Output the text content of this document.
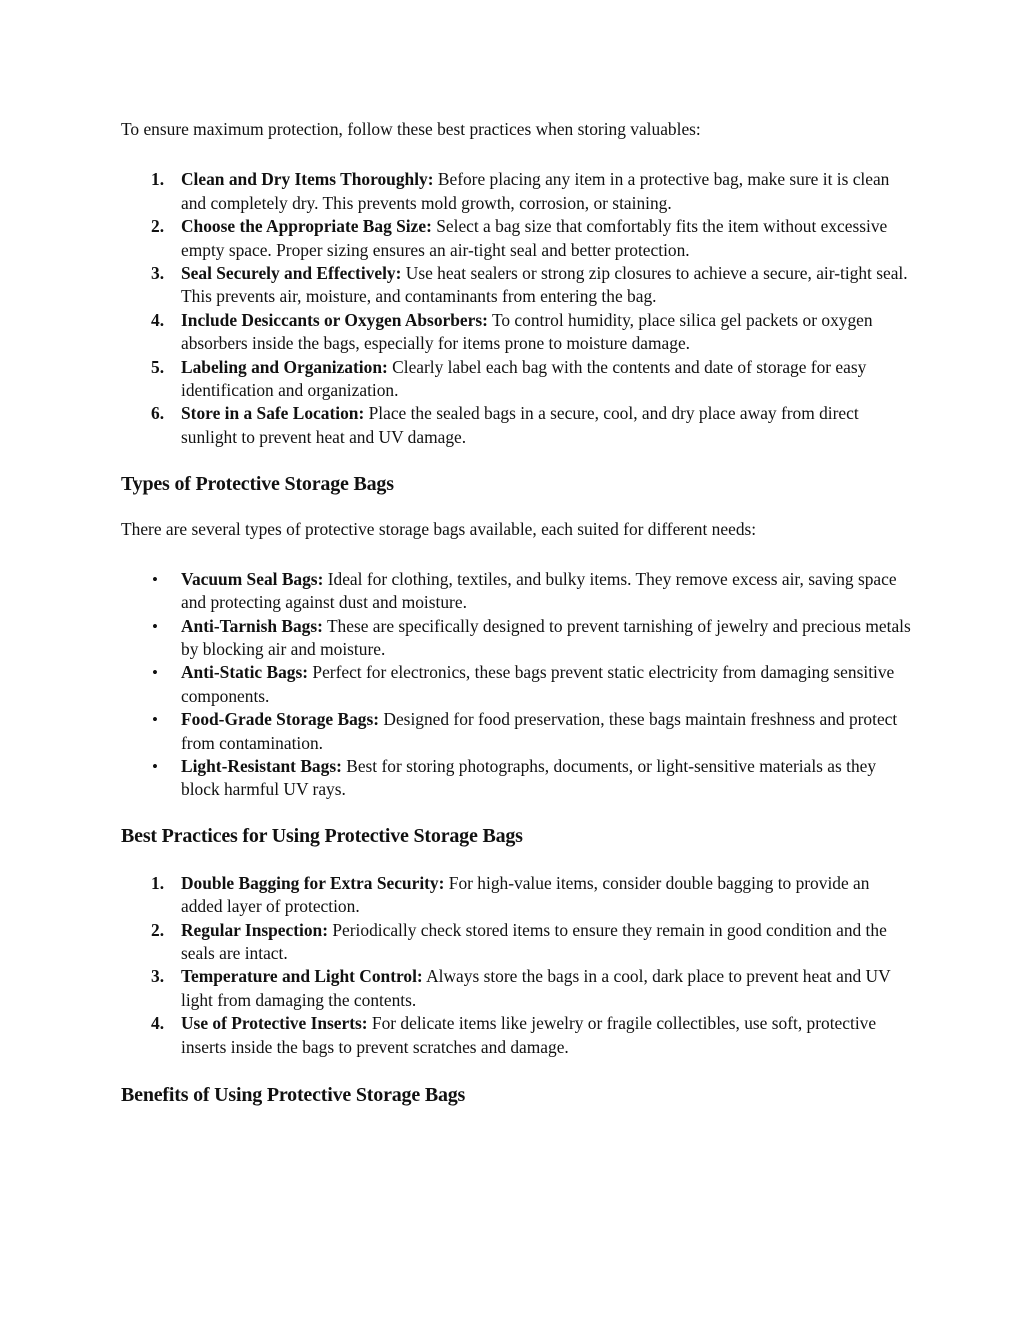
To ensure maximum protection, follow these best practices when storing valuables:

1. Clean and Dry Items Thoroughly: Before placing any item in a protective bag, make sure it is clean and completely dry. This prevents mold growth, corrosion, or staining.
2. Choose the Appropriate Bag Size: Select a bag size that comfortably fits the item without excessive empty space. Proper sizing ensures an air-tight seal and better protection.
3. Seal Securely and Effectively: Use heat sealers or strong zip closures to achieve a secure, air-tight seal. This prevents air, moisture, and contaminants from entering the bag.
4. Include Desiccants or Oxygen Absorbers: To control humidity, place silica gel packets or oxygen absorbers inside the bags, especially for items prone to moisture damage.
5. Labeling and Organization: Clearly label each bag with the contents and date of storage for easy identification and organization.
6. Store in a Safe Location: Place the sealed bags in a secure, cool, and dry place away from direct sunlight to prevent heat and UV damage.
Types of Protective Storage Bags

There are several types of protective storage bags available, each suited for different needs:

• Vacuum Seal Bags: Ideal for clothing, textiles, and bulky items. They remove excess air, saving space and protecting against dust and moisture.
• Anti-Tarnish Bags: These are specifically designed to prevent tarnishing of jewelry and precious metals by blocking air and moisture.
• Anti-Static Bags: Perfect for electronics, these bags prevent static electricity from damaging sensitive components.
• Food-Grade Storage Bags: Designed for food preservation, these bags maintain freshness and protect from contamination.
• Light-Resistant Bags: Best for storing photographs, documents, or light-sensitive materials as they block harmful UV rays.
Best Practices for Using Protective Storage Bags
1. Double Bagging for Extra Security: For high-value items, consider double bagging to provide an added layer of protection.
2. Regular Inspection: Periodically check stored items to ensure they remain in good condition and the seals are intact.
3. Temperature and Light Control: Always store the bags in a cool, dark place to prevent heat and UV light from damaging the contents.
4. Use of Protective Inserts: For delicate items like jewelry or fragile collectibles, use soft, protective inserts inside the bags to prevent scratches and damage.
Benefits of Using Protective Storage Bags
